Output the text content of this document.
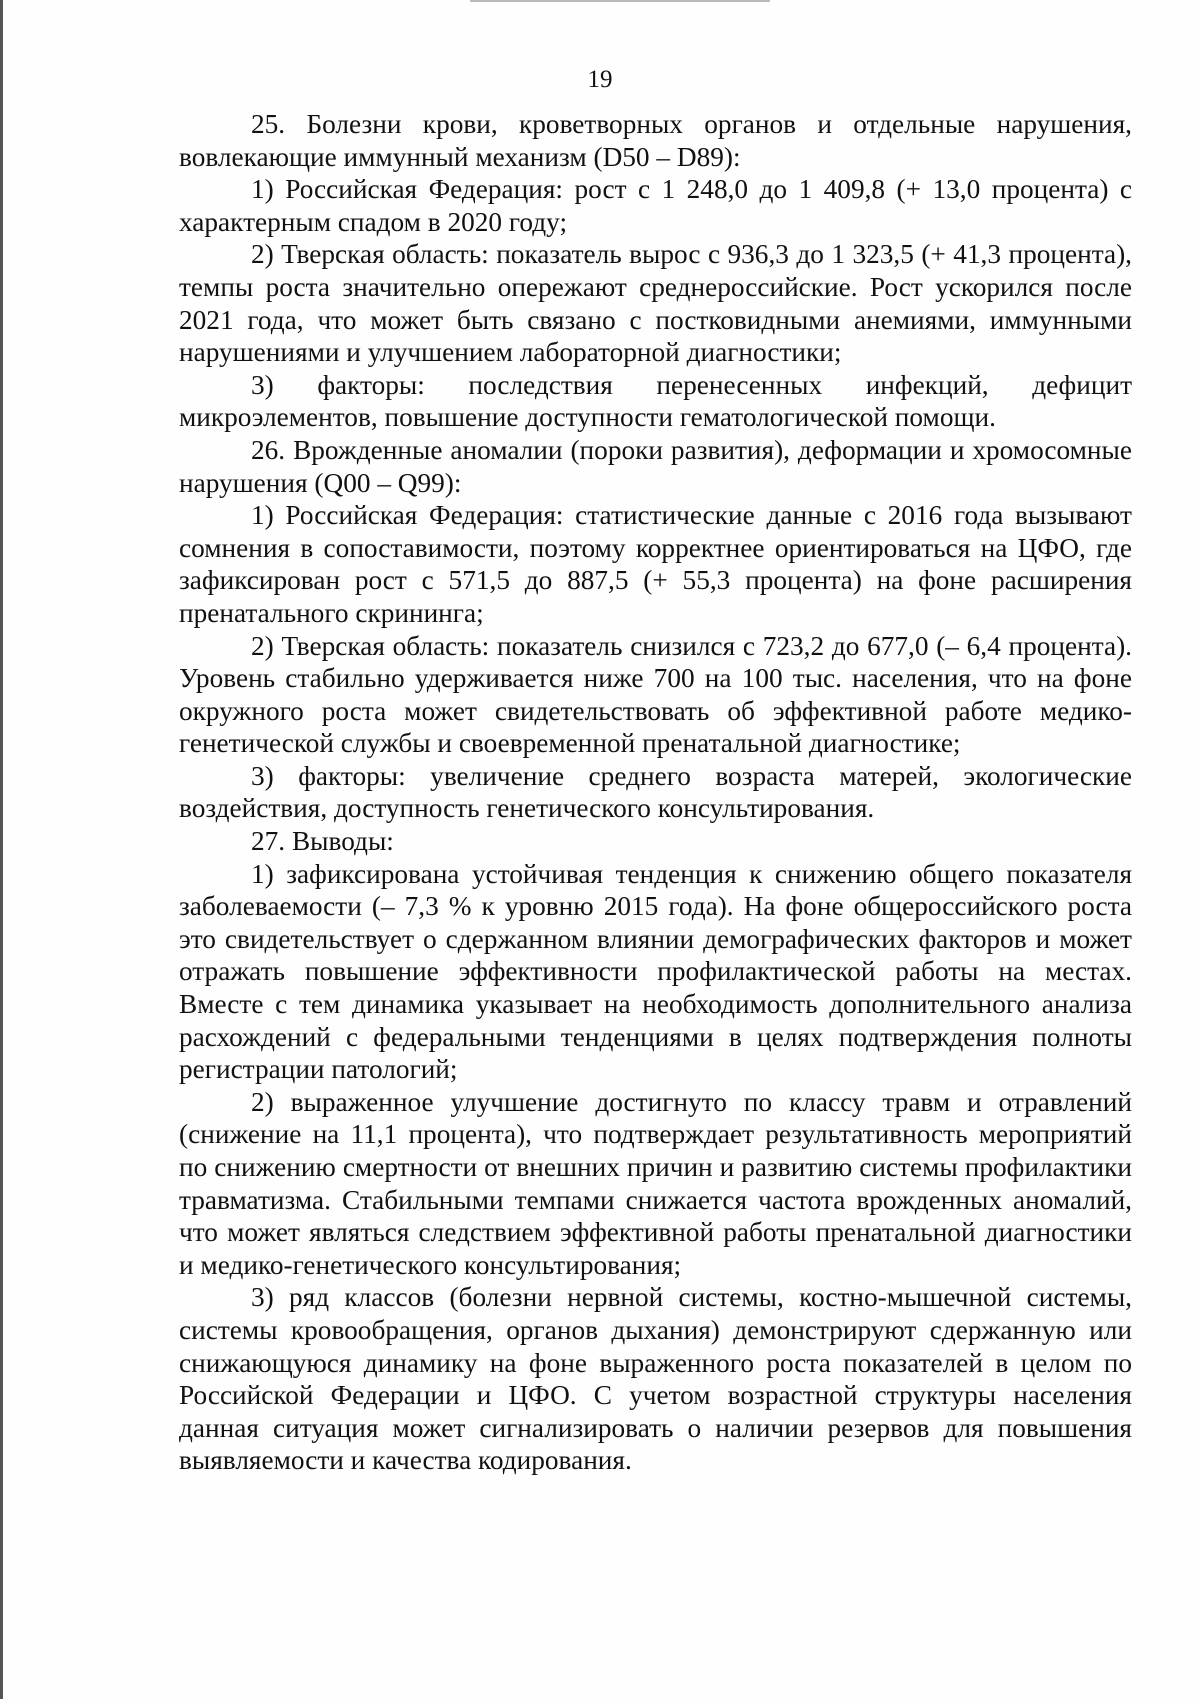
19

25. Болезни крови, кроветворных органов и отдельные нарушения, вовлекающие иммунный механизм (D50 – D89):

1) Российская Федерация: рост с 1 248,0 до 1 409,8 (+ 13,0 процента) с характерным спадом в 2020 году;

2) Тверская область: показатель вырос с 936,3 до 1 323,5 (+ 41,3 процента), темпы роста значительно опережают среднероссийские. Рост ускорился после 2021 года, что может быть связано с постковидными анемиями, иммунными нарушениями и улучшением лабораторной диагностики;

3) факторы: последствия перенесенных инфекций, дефицит микроэлементов, повышение доступности гематологической помощи.

26. Врожденные аномалии (пороки развития), деформации и хромосомные нарушения (Q00 – Q99):

1) Российская Федерация: статистические данные с 2016 года вызывают сомнения в сопоставимости, поэтому корректнее ориентироваться на ЦФО, где зафиксирован рост с 571,5 до 887,5 (+ 55,3 процента) на фоне расширения пренатального скрининга;

2) Тверская область: показатель снизился с 723,2 до 677,0 (– 6,4 процента). Уровень стабильно удерживается ниже 700 на 100 тыс. населения, что на фоне окружного роста может свидетельствовать об эффективной работе медико-генетической службы и своевременной пренатальной диагностике;

3) факторы: увеличение среднего возраста матерей, экологические воздействия, доступность генетического консультирования.

27. Выводы:

1) зафиксирована устойчивая тенденция к снижению общего показателя заболеваемости (– 7,3 % к уровню 2015 года). На фоне общероссийского роста это свидетельствует о сдержанном влиянии демографических факторов и может отражать повышение эффективности профилактической работы на местах. Вместе с тем динамика указывает на необходимость дополнительного анализа расхождений с федеральными тенденциями в целях подтверждения полноты регистрации патологий;

2) выраженное улучшение достигнуто по классу травм и отравлений (снижение на 11,1 процента), что подтверждает результативность мероприятий по снижению смертности от внешних причин и развитию системы профилактики травматизма. Стабильными темпами снижается частота врожденных аномалий, что может являться следствием эффективной работы пренатальной диагностики и медико-генетического консультирования;

3) ряд классов (болезни нервной системы, костно-мышечной системы, системы кровообращения, органов дыхания) демонстрируют сдержанную или снижающуюся динамику на фоне выраженного роста показателей в целом по Российской Федерации и ЦФО. С учетом возрастной структуры населения данная ситуация может сигнализировать о наличии резервов для повышения выявляемости и качества кодирования.
